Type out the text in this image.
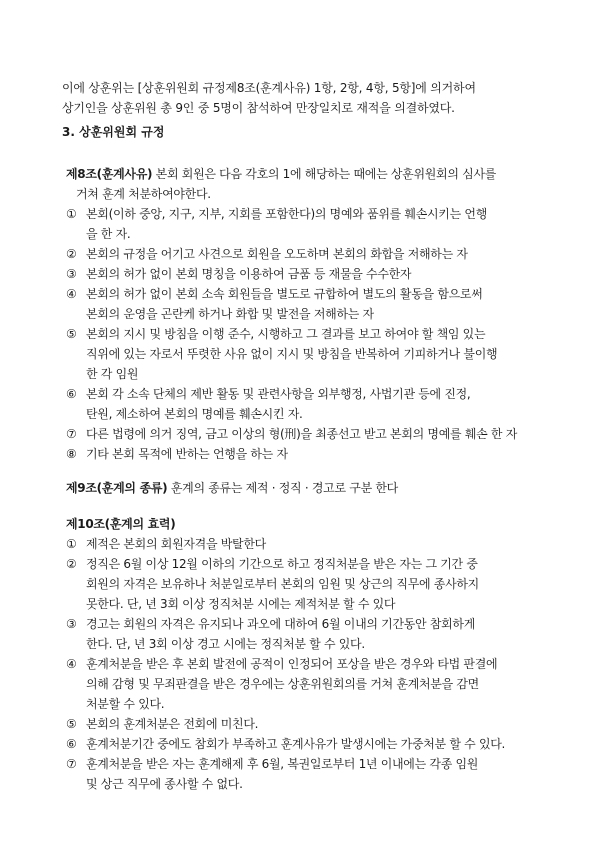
이에 상훈위는 [상훈위원회 규정제8조(훈계사유) 1항, 2항, 4항, 5항]에 의거하여
상기인을 상훈위원 총 9인 중 5명이 참석하여 만장일치로 재적을 의결하였다.
3. 상훈위원회 규정
제8조(훈계사유) 본회 회원은 다음 각호의 1에 해당하는 때에는 상훈위원회의 심사를
거쳐 훈계 처분하여야한다.
① 본회(이하 중앙, 지구, 지부, 지회를 포함한다)의 명예와 품위를 훼손시키는 언행
을 한 자.
② 본회의 규정을 어기고 사견으로 회원을 오도하며 본회의 화합을 저해하는 자
③ 본회의 허가 없이 본회 명칭을 이용하여 금품 등 재물을 수수한자
④ 본회의 허가 없이 본회 소속 회원들을 별도로 규합하여 별도의 활동을 함으로써
본회의 운영을 곤란케 하거나 화합 및 발전을 저해하는 자
⑤ 본회의 지시 및 방침을 이행 준수, 시행하고 그 결과를 보고 하여야 할 책임 있는
직위에 있는 자로서 뚜렷한 사유 없이 지시 및 방침을 반복하여 기피하거나 불이행
한 각 임원
⑥ 본회 각 소속 단체의 제반 활동 및 관련사항을 외부행정, 사법기관 등에 진정,
탄원, 제소하여 본회의 명예를 훼손시킨 자.
⑦ 다른 법령에 의거 징역, 금고 이상의 형(刑)을 최종선고 받고 본회의 명예를 훼손 한 자
⑧ 기타 본회 목적에 반하는 언행을 하는 자
제9조(훈계의 종류) 훈계의 종류는 제적 · 정직 · 경고로 구분 한다
제10조(훈계의 효력)
① 제적은 본회의 회원자격을 박탈한다
② 정직은 6월 이상 12월 이하의 기간으로 하고 정직처분을 받은 자는 그 기간 중
회원의 자격은 보유하나 처분일로부터 본회의 임원 및 상근의 직무에 종사하지
못한다. 단, 년 3회 이상 정직처분 시에는 제적처분 할 수 있다
③ 경고는 회원의 자격은 유지되나 과오에 대하여 6월 이내의 기간동안 참회하게
한다. 단, 년 3회 이상 경고 시에는 정직처분 할 수 있다.
④ 훈계처분을 받은 후 본회 발전에 공적이 인정되어 포상을 받은 경우와 타법 판결에
의해 감형 및 무죄판결을 받은 경우에는 상훈위원회의를 거쳐 훈계처분을 감면
처분할 수 있다.
⑤ 본회의 훈계처분은 전회에 미친다.
⑥ 훈계처분기간 중에도 참회가 부족하고 훈계사유가 발생시에는 가중처분 할 수 있다.
⑦ 훈계처분을 받은 자는 훈계해제 후 6월, 복권일로부터 1년 이내에는 각종 임원
및 상근 직무에 종사할 수 없다.
